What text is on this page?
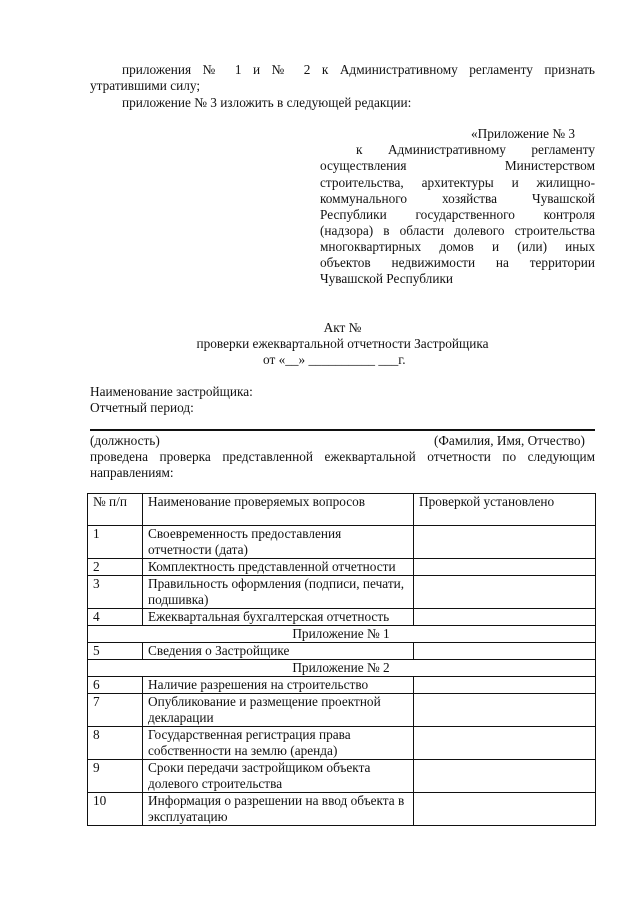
приложения № 1 и № 2 к Административному регламенту признать
утратившими силу;
приложение № 3 изложить в следующей редакции:
«Приложение № 3
к Административному регламенту
осуществления Министерством
строительства, архитектуры и жилищно-
коммунального хозяйства Чувашской
Республики государственного контроля
(надзора) в области долевого строительства
многоквартирных домов и (или) иных
объектов недвижимости на территории
Чувашской Республики
Акт №
проверки ежеквартальной отчетности Застройщика
от «__» __________ ___г.
Наименование застройщика:
Отчетный период:
(должность)	(Фамилия, Имя, Отчество)
проведена проверка представленной ежеквартальной отчетности по следующим
направлениям:
№ п/п	Наименование проверяемых вопросов	Проверкой установлено
1	Своевременность предоставления отчетности (дата)	
2	Комплектность представленной отчетности	
3	Правильность оформления (подписи, печати, подшивка)	
4	Ежеквартальная бухгалтерская отчетность	
Приложение № 1		
5	Сведения о Застройщике	
Приложение № 2		
6	Наличие разрешения на строительство	
7	Опубликование и размещение проектной декларации	
8	Государственная регистрация права собственности на землю (аренда)	
9	Сроки передачи застройщиком объекта долевого строительства	
10	Информация о разрешении на ввод объекта в эксплуатацию	
